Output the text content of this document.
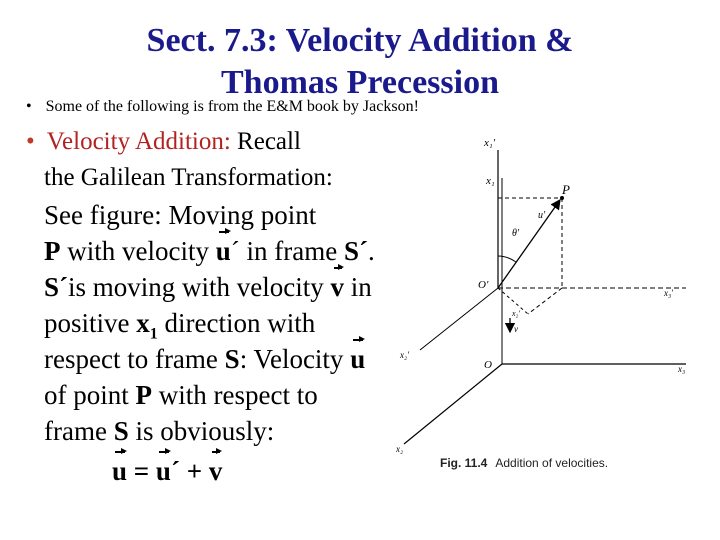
Sect. 7.3: Velocity Addition &
Thomas Precession
• Some of the following is from the E&M book by Jackson!
• Velocity Addition: Recall
the Galilean Transformation:
See figure: Moving point
P with velocity u´ in frame S´.
S´is moving with velocity v in
positive $x_1$ direction with
respect to frame S: Velocity u
of point P with respect to
frame S is obviously:
u = u´ + v
x₁′
x₁
P
u′
θ′
O′
x₃′
x₂′
v
x₂′
O	x₃
x₂
Fig. 11.4 Addition of velocities.
